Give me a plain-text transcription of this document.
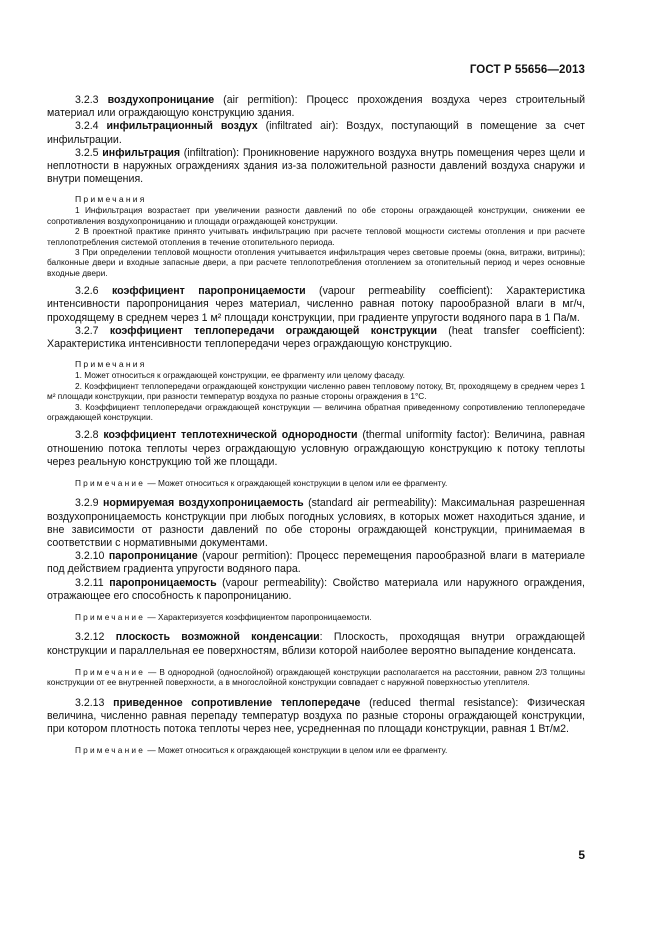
ГОСТ Р 55656—2013

3.2.3 воздухопроницание (air permition): Процесс прохождения воздуха через строительный материал или ограждающую конструкцию здания.

3.2.4 инфильтрационный воздух (infiltrated air): Воздух, поступающий в помещение за счет инфильтрации.

3.2.5 инфильтрация (infiltration): Проникновение наружного воздуха внутрь помещения через щели и неплотности в наружных ограждениях здания из-за положительной разности давлений воздуха снаружи и внутри помещения.

Примечания

1 Инфильтрация возрастает при увеличении разности давлений по обе стороны ограждающей конструкции, снижении ее сопротивления воздухопроницанию и площади ограждающей конструкции.

2 В проектной практике принято учитывать инфильтрацию при расчете тепловой мощности системы отопления и при расчете теплопотребления системой отопления в течение отопительного периода.

3 При определении тепловой мощности отопления учитывается инфильтрация через световые проемы (окна, витражи, витрины); балконные двери и входные запасные двери, а при расчете теплопотребления отоплением за отопительный период и через основные входные двери.

3.2.6 коэффициент паропроницаемости (vapour permeability coefficient): Характеристика интенсивности паропроницания через материал, численно равная потоку парообразной влаги в мг/ч, проходящему в среднем через 1 м² площади конструкции, при градиенте упругости водяного пара в 1 Па/м.

3.2.7 коэффициент теплопередачи ограждающей конструкции (heat transfer coefficient): Характеристика интенсивности теплопередачи через ограждающую конструкцию.

Примечания

1. Может относиться к ограждающей конструкции, ее фрагменту или целому фасаду.

2. Коэффициент теплопередачи ограждающей конструкции численно равен тепловому потоку, Вт, проходящему в среднем через 1 м² площади конструкции, при разности температур воздуха по разные стороны ограждения в 1°С.

3. Коэффициент теплопередачи ограждающей конструкции — величина обратная приведенному сопротивлению теплопередаче ограждающей конструкции.

3.2.8 коэффициент теплотехнической однородности (thermal uniformity factor): Величина, равная отношению потока теплоты через ограждающую условную ограждающую конструкцию к потоку теплоты через реальную конструкцию той же площади.

Примечание — Может относиться к ограждающей конструкции в целом или ее фрагменту.

3.2.9 нормируемая воздухопроницаемость (standard air permeability): Максимальная разрешенная воздухопроницаемость конструкции при любых погодных условиях, в которых может находиться здание, и вне зависимости от разности давлений по обе стороны ограждающей конструкции, принимаемая в соответствии с нормативными документами.

3.2.10 паропроницание (vapour permition): Процесс перемещения парообразной влаги в материале под действием градиента упругости водяного пара.

3.2.11 паропроницаемость (vapour permeability): Свойство материала или наружного ограждения, отражающее его способность к паропроницанию.

Примечание — Характеризуется коэффициентом паропроницаемости.

3.2.12 плоскость возможной конденсации: Плоскость, проходящая внутри ограждающей конструкции и параллельная ее поверхностям, вблизи которой наиболее вероятно выпадение конденсата.

Примечание — В однородной (однослойной) ограждающей конструкции располагается на расстоянии, равном 2/3 толщины конструкции от ее внутренней поверхности, а в многослойной конструкции совпадает с наружной поверхностью утеплителя.

3.2.13 приведенное сопротивление теплопередаче (reduced thermal resistance): Физическая величина, численно равная перепаду температур воздуха по разные стороны ограждающей конструкции, при котором плотность потока теплоты через нее, усредненная по площади конструкции, равная 1 Вт/м2.

Примечание — Может относиться к ограждающей конструкции в целом или ее фрагменту.

5
